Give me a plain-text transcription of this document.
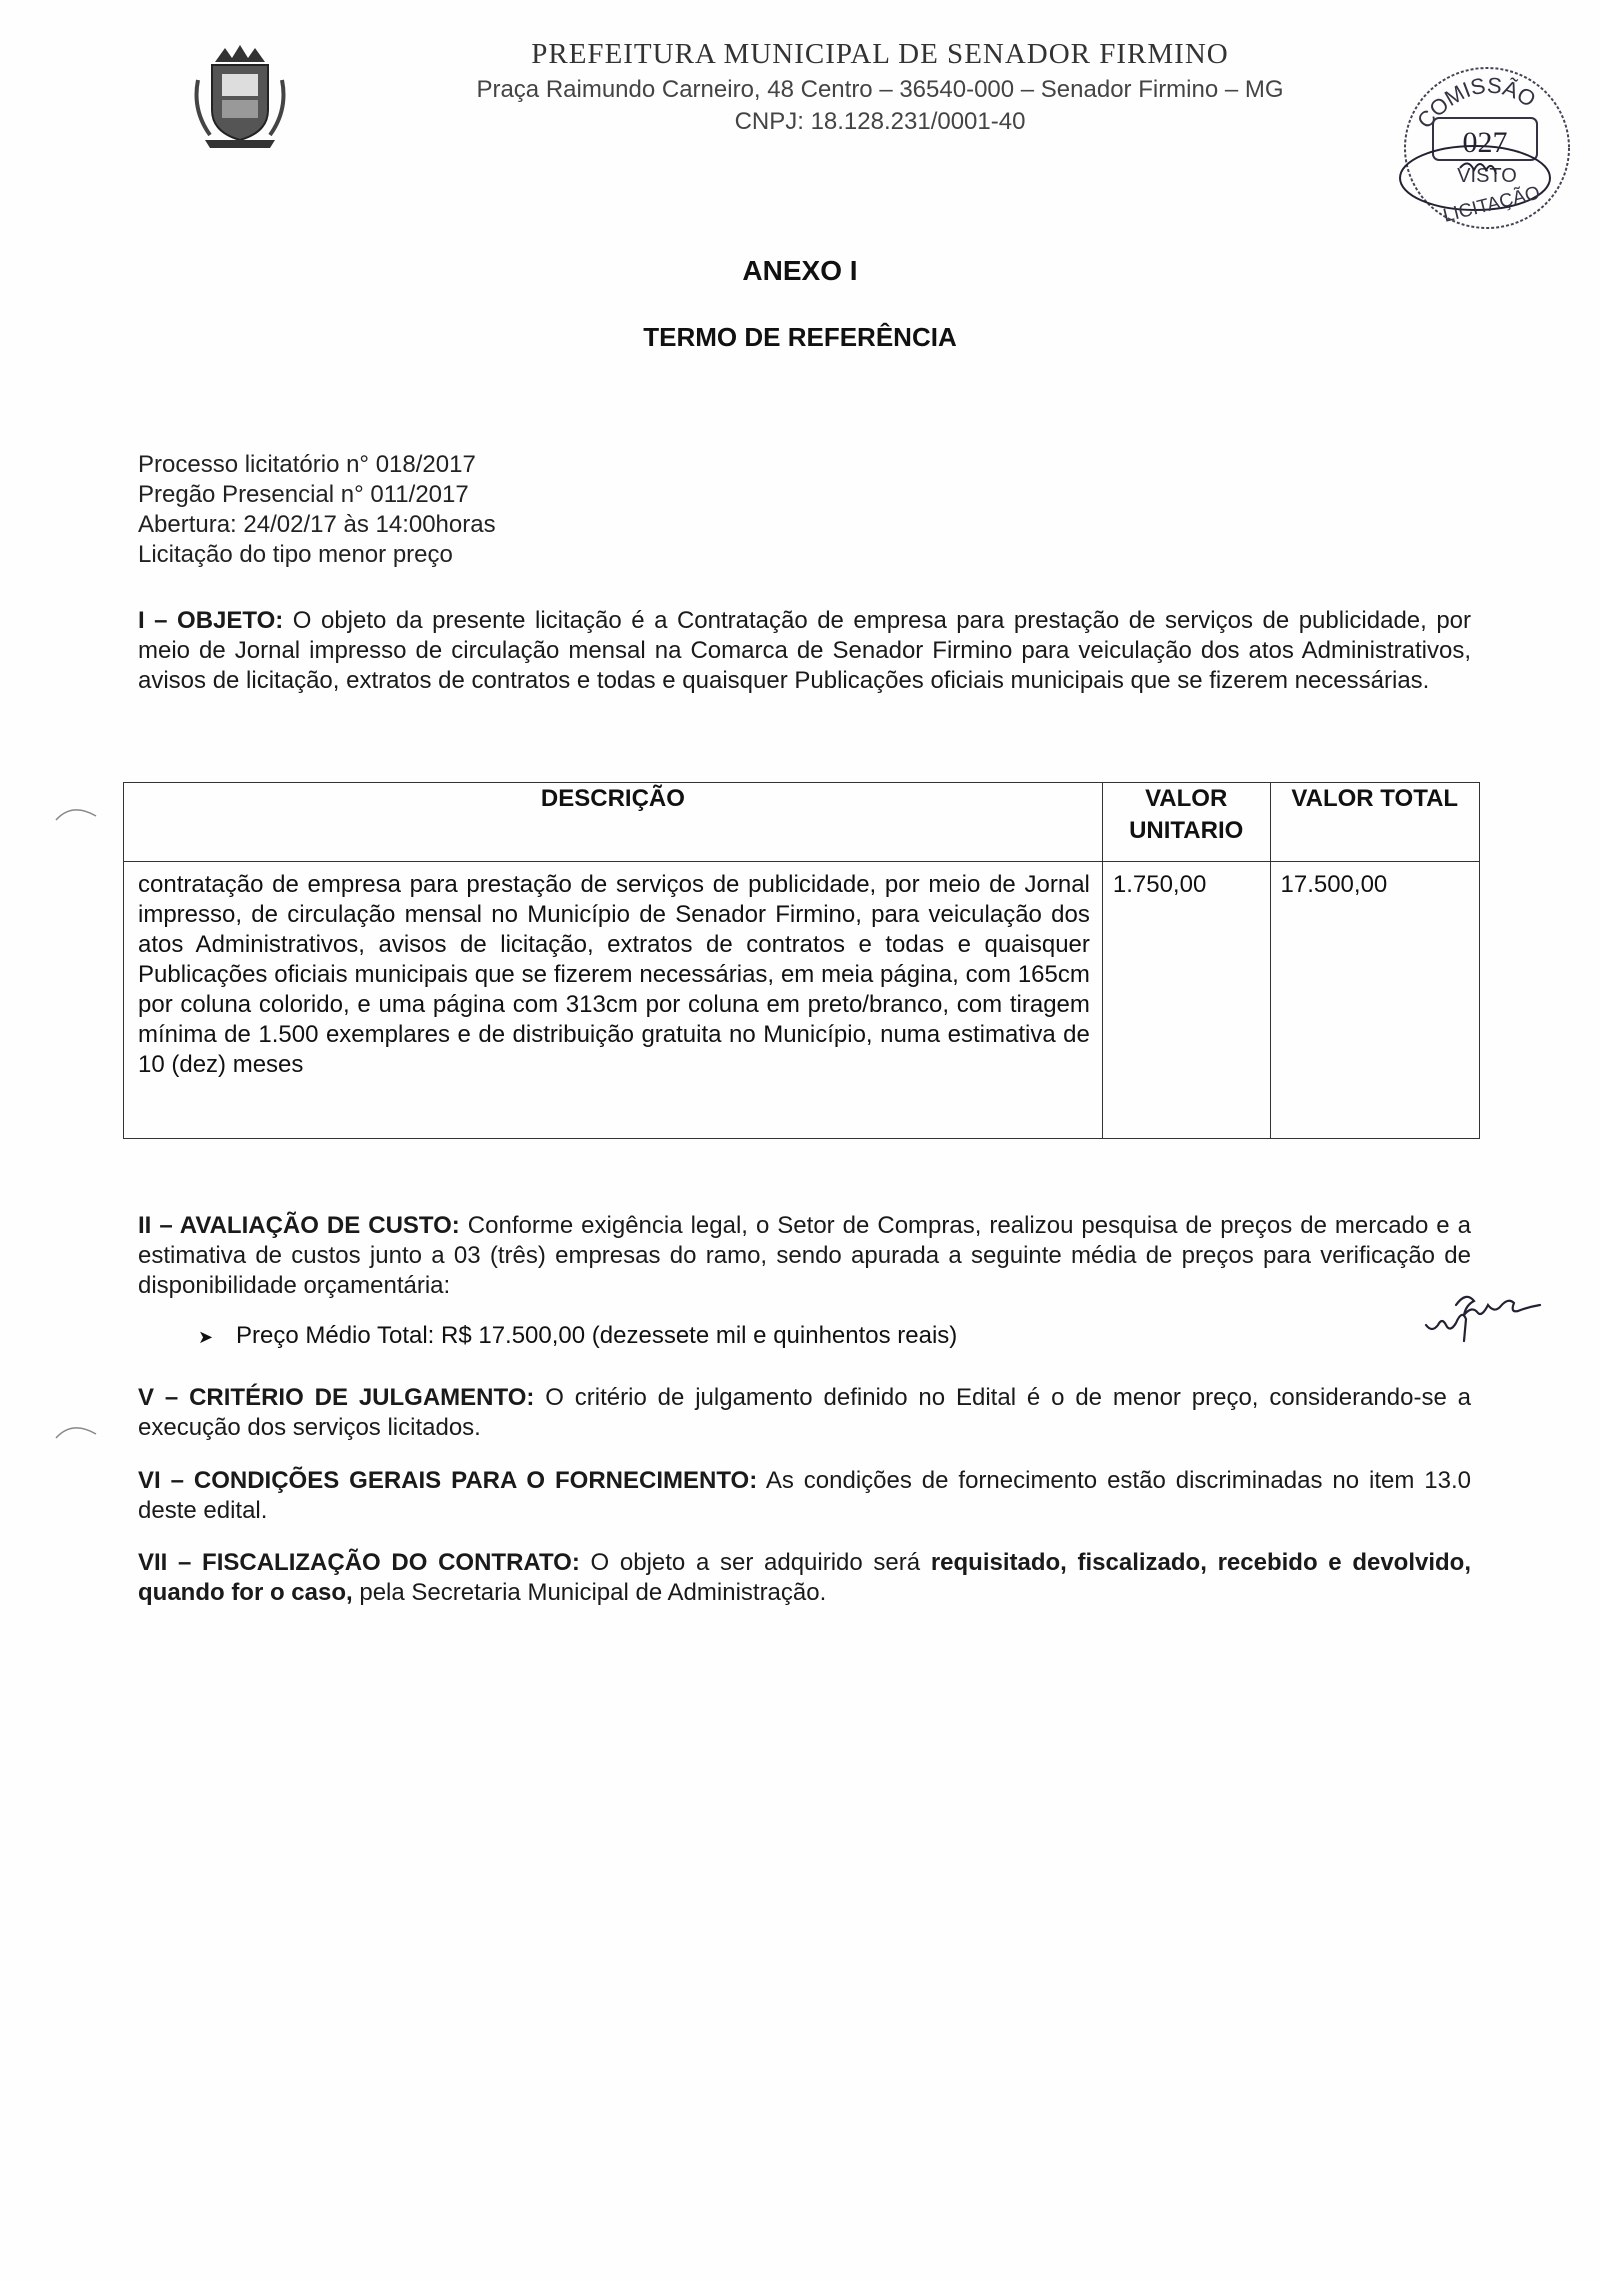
PREFEITURA MUNICIPAL DE SENADOR FIRMINO
Praça Raimundo Carneiro, 48 Centro – 36540-000 – Senador Firmino – MG
CNPJ: 18.128.231/0001-40	COMISSÃO
027
VISTO
LICITAÇÃO
ANEXO I
TERMO DE REFERÊNCIA
Processo licitatório n° 018/2017
Pregão Presencial n° 011/2017
Abertura: 24/02/17 às 14:00horas
Licitação do tipo menor preço
I – OBJETO: O objeto da presente licitação é a Contratação de empresa para prestação de serviços de publicidade, por meio de Jornal impresso de circulação mensal na Comarca de Senador Firmino para veiculação dos atos Administrativos, avisos de licitação, extratos de contratos e todas e quaisquer Publicações oficiais municipais que se fizerem necessárias.
DESCRIÇÃO	VALOR UNITARIO	VALOR TOTAL
contratação de empresa para prestação de serviços de publicidade, por meio de Jornal impresso, de circulação mensal no Município de Senador Firmino, para veiculação dos atos Administrativos, avisos de licitação, extratos de contratos e todas e quaisquer Publicações oficiais municipais que se fizerem necessárias, em meia página, com 165cm por coluna colorido, e uma página com 313cm por coluna em preto/branco, com tiragem mínima de 1.500 exemplares e de distribuição gratuita no Município, numa estimativa de 10 (dez) meses	1.750,00	17.500,00
II – AVALIAÇÃO DE CUSTO: Conforme exigência legal, o Setor de Compras, realizou pesquisa de preços de mercado e a estimativa de custos junto a 03 (três) empresas do ramo, sendo apurada a seguinte média de preços para verificação de disponibilidade orçamentária:
➤ Preço Médio Total: R$ 17.500,00 (dezessete mil e quinhentos reais)
V – CRITÉRIO DE JULGAMENTO: O critério de julgamento definido no Edital é o de menor preço, considerando-se a execução dos serviços licitados.
VI – CONDIÇÕES GERAIS PARA O FORNECIMENTO: As condições de fornecimento estão discriminadas no item 13.0 deste edital.
VII – FISCALIZAÇÃO DO CONTRATO: O objeto a ser adquirido será requisitado, fiscalizado, recebido e devolvido, quando for o caso, pela Secretaria Municipal de Administração.
